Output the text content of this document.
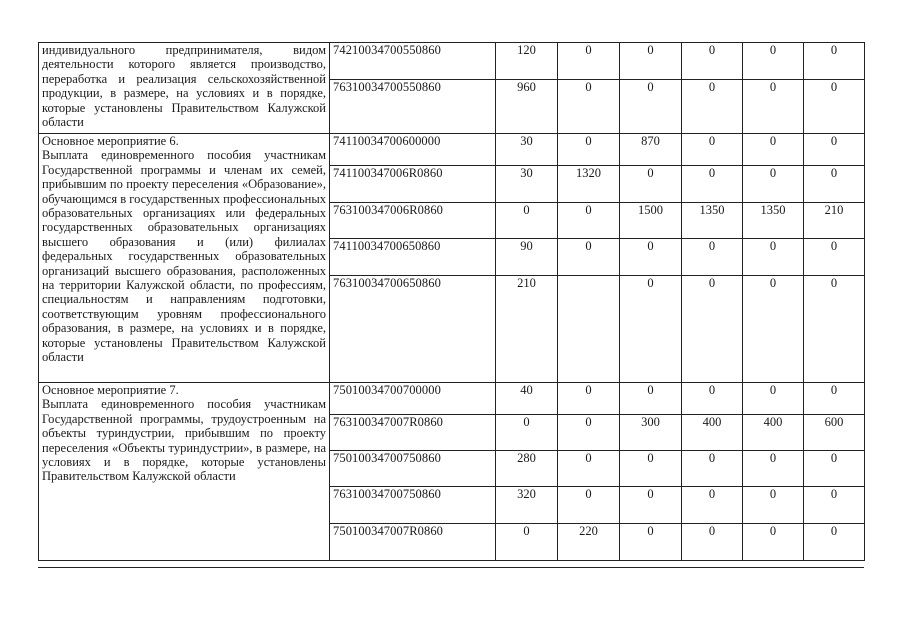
индивидуального предпринимателя, видом деятельности которого является производство, переработка и реализация сельскохозяйственной продукции, в размере, на условиях и в порядке, которые установлены Правительством Калужской области	74210034700550860	120	0	0	0	0	0
	76310034700550860	960	0	0	0	0	0

Основное мероприятие 6.
Выплата единовременного пособия участникам Государственной программы и членам их семей, прибывшим по проекту переселения «Образование», обучающимся в государственных профессиональных образовательных организациях или федеральных государственных образовательных организациях высшего образования и (или) филиалах федеральных государственных образовательных организаций высшего образования, расположенных на территории Калужской области, по профессиям, специальностям и направлениям подготовки, соответствующим уровням профессионального образования, в размере, на условиях и в порядке, которые установлены Правительством Калужской области	74110034700600000	30	0	870	0	0	0
	741100347006R0860	30	1320	0	0	0	0
	763100347006R0860	0	0	1500	1350	1350	210
	74110034700650860	90	0	0	0	0	0
	76310034700650860	210		0	0	0	0

Основное мероприятие 7.
Выплата единовременного пособия участникам Государственной программы, трудоустроенным на объекты туриндустрии, прибывшим по проекту переселения «Объекты туриндустрии», в размере, на условиях и в порядке, которые установлены Правительством Калужской области	75010034700700000	40	0	0	0	0	0
	763100347007R0860	0	0	300	400	400	600
	75010034700750860	280	0	0	0	0	0
	76310034700750860	320	0	0	0	0	0
	750100347007R0860	0	220	0	0	0	0
